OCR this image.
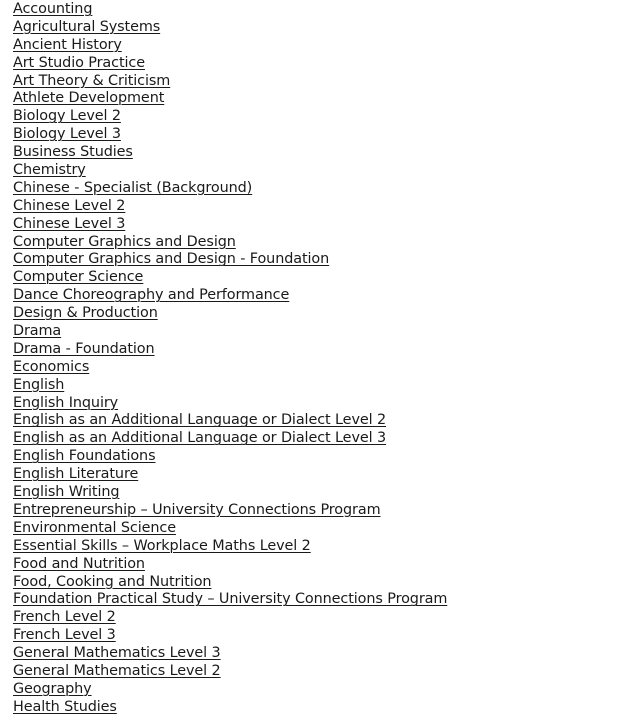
Accounting
Agricultural Systems
Ancient History
Art Studio Practice
Art Theory & Criticism
Athlete Development
Biology Level 2
Biology Level 3
Business Studies
Chemistry
Chinese - Specialist (Background)
Chinese Level 2
Chinese Level 3
Computer Graphics and Design
Computer Graphics and Design - Foundation
Computer Science
Dance Choreography and Performance
Design & Production
Drama
Drama - Foundation
Economics
English
English Inquiry
English as an Additional Language or Dialect Level 2
English as an Additional Language or Dialect Level 3
English Foundations
English Literature
English Writing
Entrepreneurship – University Connections Program
Environmental Science
Essential Skills – Workplace Maths Level 2
Food and Nutrition
Food, Cooking and Nutrition
Foundation Practical Study – University Connections Program
French Level 2
French Level 3
General Mathematics Level 3
General Mathematics Level 2
Geography
Health Studies
